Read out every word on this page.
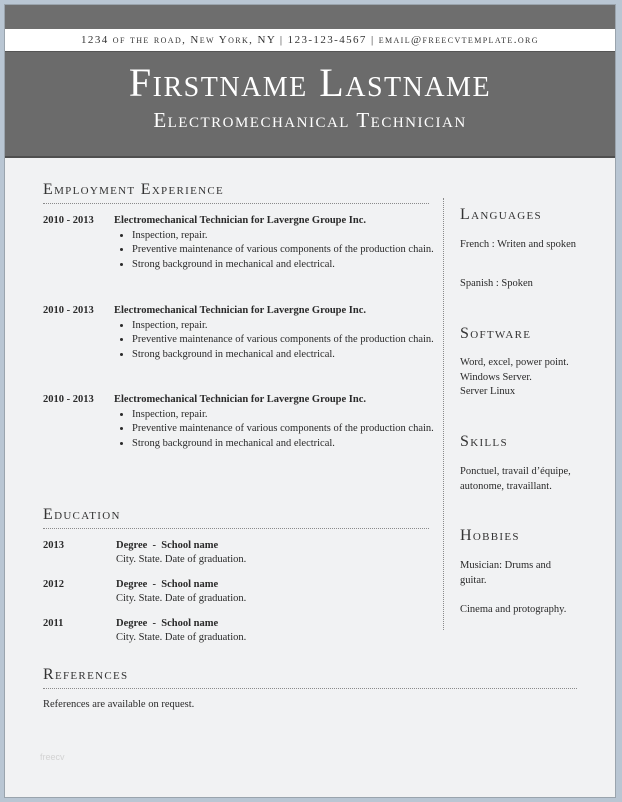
1234 of the road, New York, NY | 123-123-4567 | email@freecvtemplate.org
Firstname Lastname
Electromechanical Technician
Employment Experience
2010 - 2013 Electromechanical Technician for Lavergne Groupe Inc.
• Inspection, repair.
• Preventive maintenance of various components of the production chain.
• Strong background in mechanical and electrical.
2010 - 2013 Electromechanical Technician for Lavergne Groupe Inc.
• Inspection, repair.
• Preventive maintenance of various components of the production chain.
• Strong background in mechanical and electrical.
2010 - 2013 Electromechanical Technician for Lavergne Groupe Inc.
• Inspection, repair.
• Preventive maintenance of various components of the production chain.
• Strong background in mechanical and electrical.
Education
2013	Degree  -  School name
City. State. Date of graduation.
2012	Degree  -  School name
City. State. Date of graduation.
2011	Degree  -  School name
City. State. Date of graduation.
Languages
French : Writen and spoken
Spanish : Spoken
Software
Word, excel, power point.
Windows Server.
Server Linux
Skills
Ponctuel, travail d’équipe, autonome, travaillant.
Hobbies
Musician: Drums and guitar.
Cinema and protography.
References
References are available on request.
freecv
